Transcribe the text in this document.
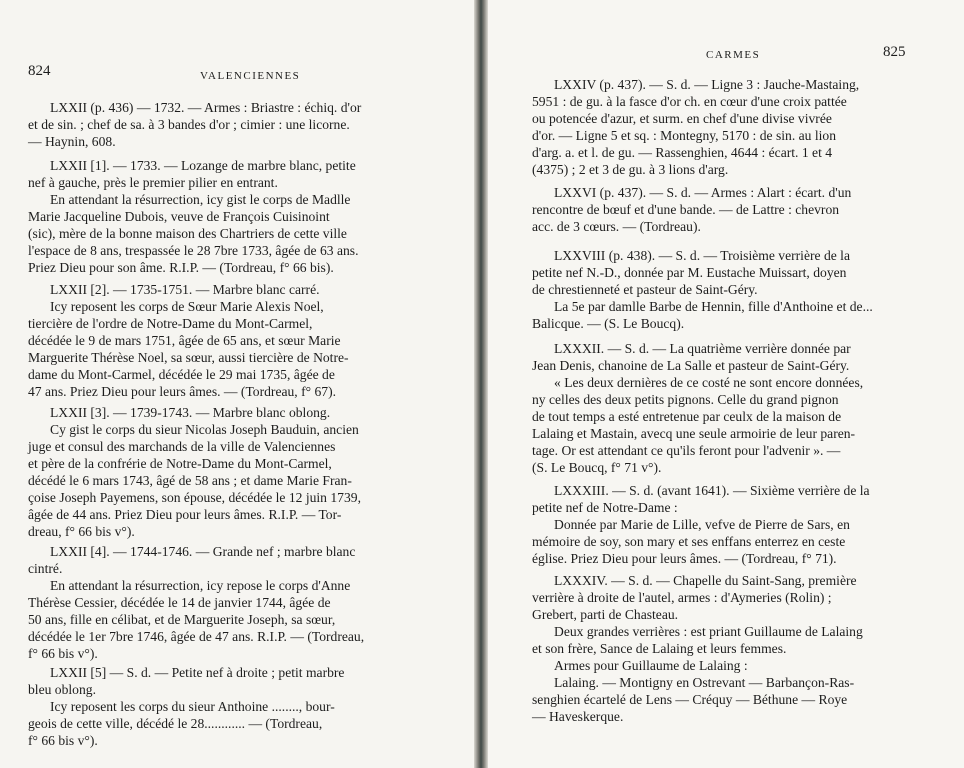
824	VALENCIENNES
LXXII (p. 436) — 1732. — Armes : Briastre : échiq. d'or
et de sin. ; chef de sa. à 3 bandes d'or ; cimier : une licorne.
— Haynin, 608.
LXXII [1]. — 1733. — Lozange de marbre blanc, petite
nef à gauche, près le premier pilier en entrant.
En attendant la résurrection, icy gist le corps de Madlle
Marie Jacqueline Dubois, veuve de François Cuisinoint
(sic), mère de la bonne maison des Chartriers de cette ville
l'espace de 8 ans, trespassée le 28 7bre 1733, âgée de 63 ans.
Priez Dieu pour son âme. R.I.P. — (Tordreau, f° 66 bis).
LXXII [2]. — 1735-1751. — Marbre blanc carré.
Icy reposent les corps de Sœur Marie Alexis Noel,
tiercière de l'ordre de Notre-Dame du Mont-Carmel,
décédée le 9 de mars 1751, âgée de 65 ans, et sœur Marie
Marguerite Thérèse Noel, sa sœur, aussi tiercière de Notre-
dame du Mont-Carmel, décédée le 29 mai 1735, âgée de
47 ans. Priez Dieu pour leurs âmes. — (Tordreau, f° 67).
LXXII [3]. — 1739-1743. — Marbre blanc oblong.
Cy gist le corps du sieur Nicolas Joseph Bauduin, ancien
juge et consul des marchands de la ville de Valenciennes
et père de la confrérie de Notre-Dame du Mont-Carmel,
décédé le 6 mars 1743, âgé de 58 ans ; et dame Marie Fran-
çoise Joseph Payemens, son épouse, décédée le 12 juin 1739,
âgée de 44 ans. Priez Dieu pour leurs âmes. R.I.P. — Tor-
dreau, f° 66 bis v°).
LXXII [4]. — 1744-1746. — Grande nef ; marbre blanc
cintré.
En attendant la résurrection, icy repose le corps d'Anne
Thérèse Cessier, décédée le 14 de janvier 1744, âgée de
50 ans, fille en célibat, et de Marguerite Joseph, sa sœur,
décédée le 1er 7bre 1746, âgée de 47 ans. R.I.P. — (Tordreau,
f° 66 bis v°).
LXXII [5] — S. d. — Petite nef à droite ; petit marbre
bleu oblong.
Icy reposent les corps du sieur Anthoine ........, bour-
geois de cette ville, décédé le 28............ — (Tordreau,
f° 66 bis v°).
CARMES	825
LXXIV (p. 437). — S. d. — Ligne 3 : Jauche-Mastaing,
5951 : de gu. à la fasce d'or ch. en cœur d'une croix pattée
ou potencée d'azur, et surm. en chef d'une divise vivrée
d'or. — Ligne 5 et sq. : Montegny, 5170 : de sin. au lion
d'arg. a. et l. de gu. — Rassenghien, 4644 : écart. 1 et 4
(4375) ; 2 et 3 de gu. à 3 lions d'arg.
LXXVI (p. 437). — S. d. — Armes : Alart : écart. d'un
rencontre de bœuf et d'une bande. — de Lattre : chevron
acc. de 3 cœurs. — (Tordreau).
LXXVIII (p. 438). — S. d. — Troisième verrière de la
petite nef N.-D., donnée par M. Eustache Muissart, doyen
de chrestienneté et pasteur de Saint-Géry.
La 5e par damlle Barbe de Hennin, fille d'Anthoine et de...
Balicque. — (S. Le Boucq).
LXXXII. — S. d. — La quatrième verrière donnée par
Jean Denis, chanoine de La Salle et pasteur de Saint-Géry.
« Les deux dernières de ce costé ne sont encore données,
ny celles des deux petits pignons. Celle du grand pignon
de tout temps a esté entretenue par ceulx de la maison de
Lalaing et Mastain, avecq une seule armoirie de leur paren-
tage. Or est attendant ce qu'ils feront pour l'advenir ». —
(S. Le Boucq, f° 71 v°).
LXXXIII. — S. d. (avant 1641). — Sixième verrière de la
petite nef de Notre-Dame :
Donnée par Marie de Lille, vefve de Pierre de Sars, en
mémoire de soy, son mary et ses enffans enterrez en ceste
église. Priez Dieu pour leurs âmes. — (Tordreau, f° 71).
LXXXIV. — S. d. — Chapelle du Saint-Sang, première
verrière à droite de l'autel, armes : d'Aymeries (Rolin) ;
Grebert, parti de Chasteau.
Deux grandes verrières : est priant Guillaume de Lalaing
et son frère, Sance de Lalaing et leurs femmes.
Armes pour Guillaume de Lalaing :
Lalaing. — Montigny en Ostrevant — Barbançon-Ras-
senghien écartelé de Lens — Créquy — Béthune — Roye
— Haveskerque.
